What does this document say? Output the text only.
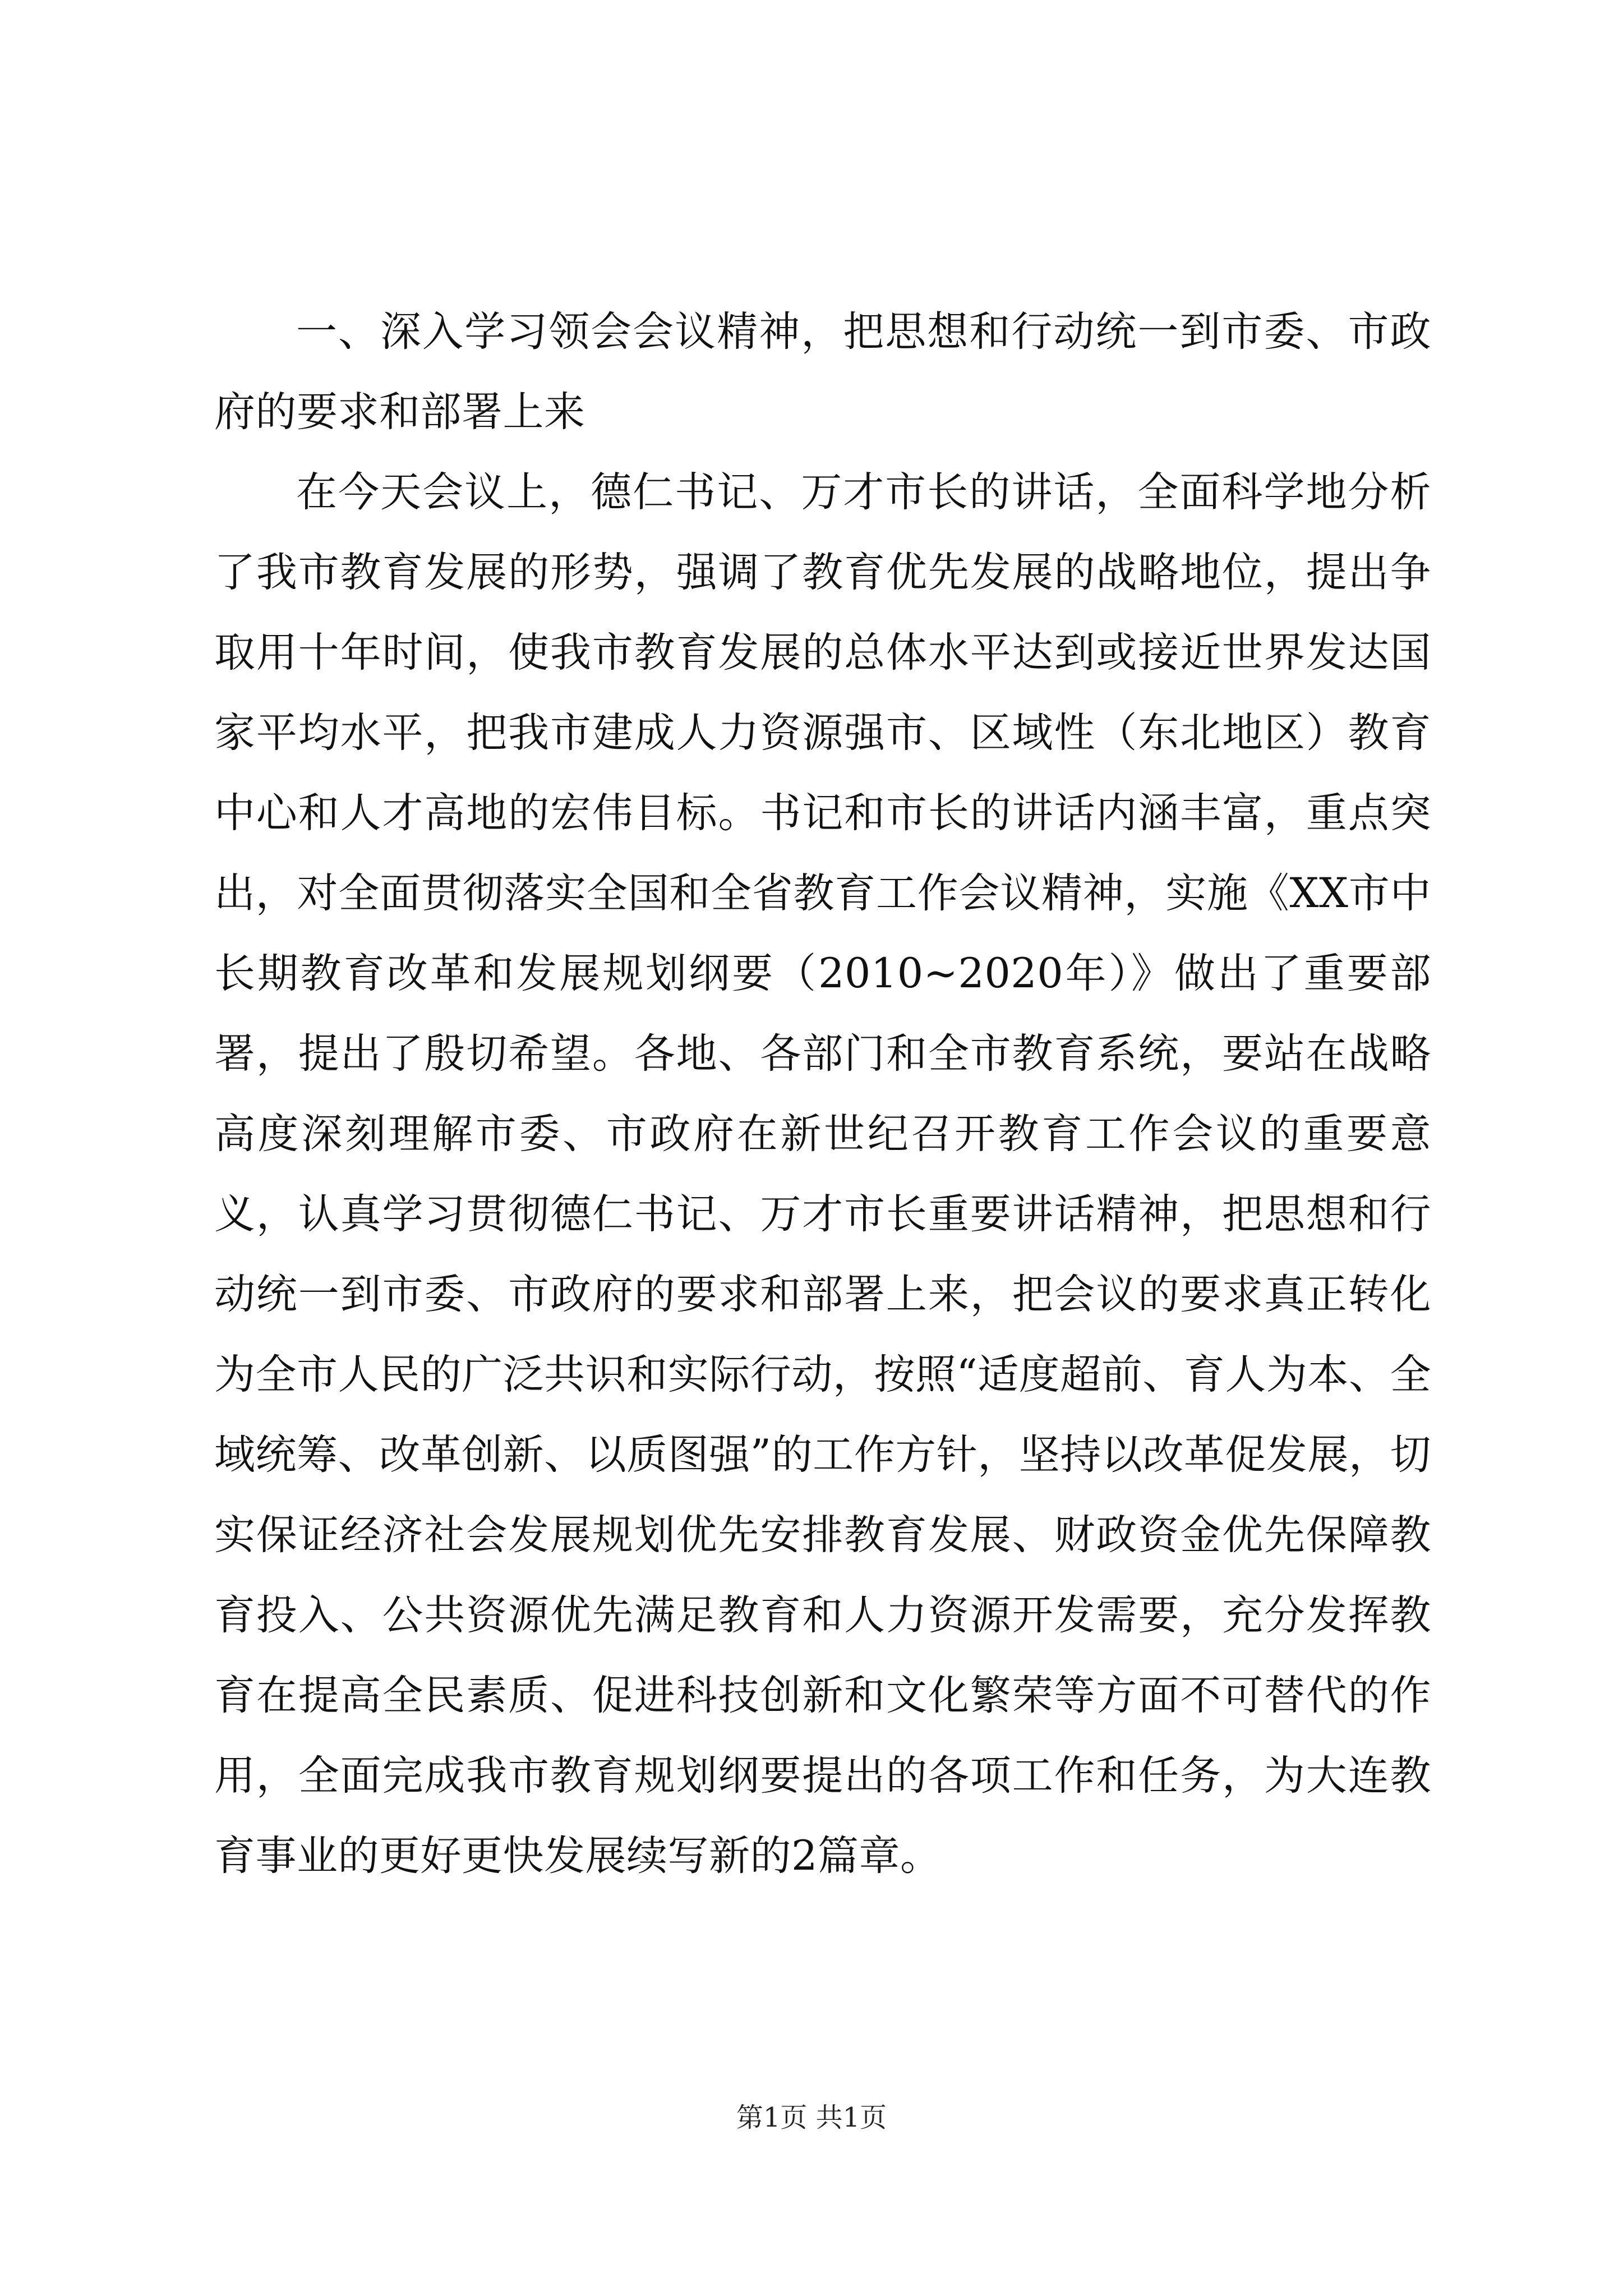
一、深入学习领会会议精神，把思想和行动统一到市委、市政府的要求和部署上来

在今天会议上，德仁书记、万才市长的讲话，全面科学地分析了我市教育发展的形势，强调了教育优先发展的战略地位，提出争取用十年时间，使我市教育发展的总体水平达到或接近世界发达国家平均水平，把我市建成人力资源强市、区域性（东北地区）教育中心和人才高地的宏伟目标。书记和市长的讲话内涵丰富，重点突出，对全面贯彻落实全国和全省教育工作会议精神，实施《XX市中长期教育改革和发展规划纲要（2010~2020年）》做出了重要部署，提出了殷切希望。各地、各部门和全市教育系统，要站在战略高度深刻理解市委、市政府在新世纪召开教育工作会议的重要意义，认真学习贯彻德仁书记、万才市长重要讲话精神，把思想和行动统一到市委、市政府的要求和部署上来，把会议的要求真正转化为全市人民的广泛共识和实际行动，按照“适度超前、育人为本、全域统筹、改革创新、以质图强”的工作方针，坚持以改革促发展，切实保证经济社会发展规划优先安排教育发展、财政资金优先保障教育投入、公共资源优先满足教育和人力资源开发需要，充分发挥教育在提高全民素质、促进科技创新和文化繁荣等方面不可替代的作用，全面完成我市教育规划纲要提出的各项工作和任务，为大连教育事业的更好更快发展续写新的2篇章。

第1页 共1页
